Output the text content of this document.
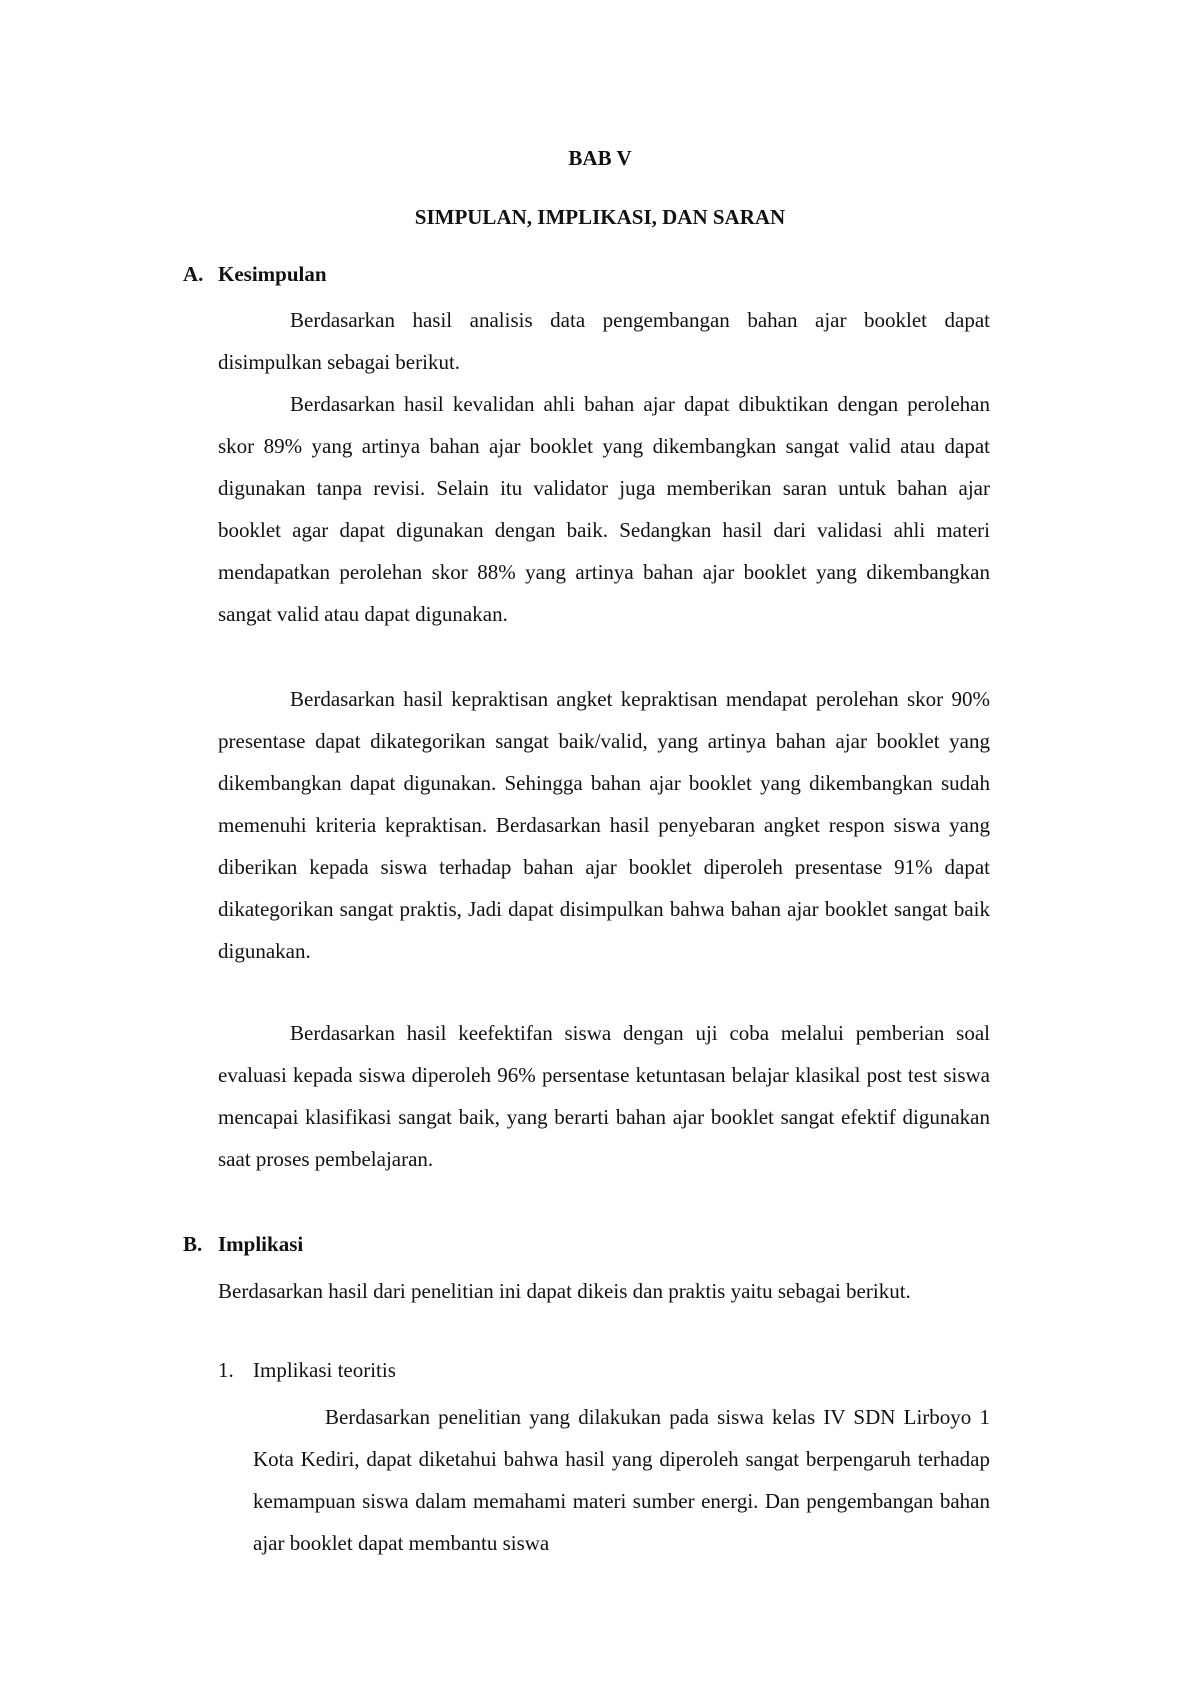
BAB V
SIMPULAN, IMPLIKASI, DAN SARAN
A. Kesimpulan

Berdasarkan hasil analisis data pengembangan bahan ajar booklet dapat disimpulkan sebagai berikut.

Berdasarkan hasil kevalidan ahli bahan ajar dapat dibuktikan dengan perolehan skor 89% yang artinya bahan ajar booklet yang dikembangkan sangat valid atau dapat digunakan tanpa revisi. Selain itu validator juga memberikan saran untuk bahan ajar booklet agar dapat digunakan dengan baik. Sedangkan hasil dari validasi ahli materi mendapatkan perolehan skor 88% yang artinya bahan ajar booklet yang dikembangkan sangat valid atau dapat digunakan.

Berdasarkan hasil kepraktisan angket kepraktisan mendapat perolehan skor 90% presentase dapat dikategorikan sangat baik/valid, yang artinya bahan ajar booklet yang dikembangkan dapat digunakan. Sehingga bahan ajar booklet yang dikembangkan sudah memenuhi kriteria kepraktisan. Berdasarkan hasil penyebaran angket respon siswa yang diberikan kepada siswa terhadap bahan ajar booklet diperoleh presentase 91% dapat dikategorikan sangat praktis, Jadi dapat disimpulkan bahwa bahan ajar booklet sangat baik digunakan.

Berdasarkan hasil keefektifan siswa dengan uji coba melalui pemberian soal evaluasi kepada siswa diperoleh 96% persentase ketuntasan belajar klasikal post test siswa mencapai klasifikasi sangat baik, yang berarti bahan ajar booklet sangat efektif digunakan saat proses pembelajaran.

B. Implikasi

Berdasarkan hasil dari penelitian ini dapat dikeis dan praktis yaitu sebagai berikut.

1. Implikasi teoritis

Berdasarkan penelitian yang dilakukan pada siswa kelas IV SDN Lirboyo 1 Kota Kediri, dapat diketahui bahwa hasil yang diperoleh sangat berpengaruh terhadap kemampuan siswa dalam memahami materi sumber energi. Dan pengembangan bahan ajar booklet dapat membantu siswa
